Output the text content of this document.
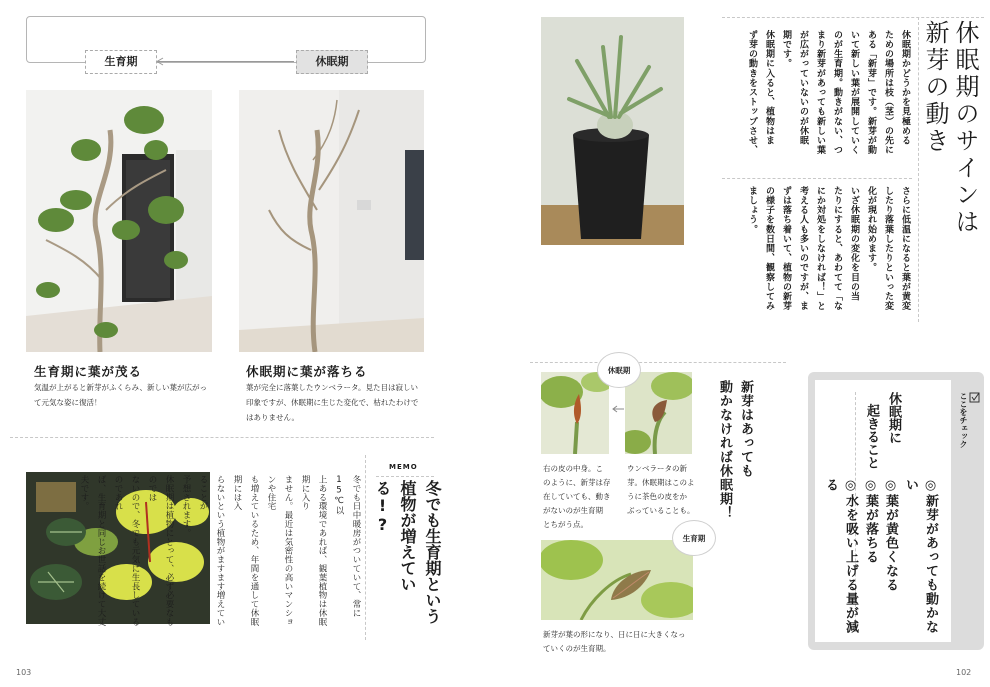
生育期	休眠期
生育期に葉が茂る
気温が上がると新芽がふくらみ、新しい葉が広がっ
て元気な姿に復活！
休眠期に葉が落ちる
葉が完全に落葉したウンベラータ。見た目は寂しい
印象ですが、休眠期に生じた変化で、枯れたわけで
はありません。
MEMO
冬でも生育期という
植物が増えている!?
冬でも日中暖房がついていて、常に15℃以
上ある環境であれば、観葉植物は休眠期に入り
ません。最近は気密性の高いマンションや住宅
も増えているため、年間を通して休眠期には入
らないという植物がますます増えていることが
予想されます。
休眠期は植物にとって、必ず必要なものでは
ないので、冬でも元気に生長しているのであれ
ば、生育期と同じお世話を続けて大丈夫です。
103
休眠期のサインは
新芽の動き
休眠期かどうかを見極める
ための場所は枝（茎）の先に
ある「新芽」です。新芽が動
いて新しい葉が展開していく
のが生育期。動きがない、つ
まり新芽があっても新しい葉
が広がっていないのが休眠
期です。
休眠期に入ると、植物はま
ず芽の動きをストップさせ、
さらに低温になると葉が黄変
したり落葉したりといった変
化が現れ始めます。
いざ休眠期の変化を目の当
たりにすると、あわてて「な
にか対処をしなければ！」と
考える人も多いのですが、ま
ずは落ち着いて、植物の新芽
の様子を数日間、観察してみ
ましょう。
休眠期
新芽はあっても
動かなければ休眠期！
右の皮の中身。こ
のように、新芽は存
在していても、動き
がないのが生育期
とちがう点。
ウンベラータの新
芽。休眠期はこのよ
うに茶色の皮をか
ぶっていることも。
生育期
新芽が葉の形になり、日に日に大きくなっ
ていくのが生育期。
ここをチェック
休眠期に
起きること
◎新芽があっても動かない
◎葉が黄色くなる
◎葉が落ちる
◎水を吸い上げる量が減る
102
